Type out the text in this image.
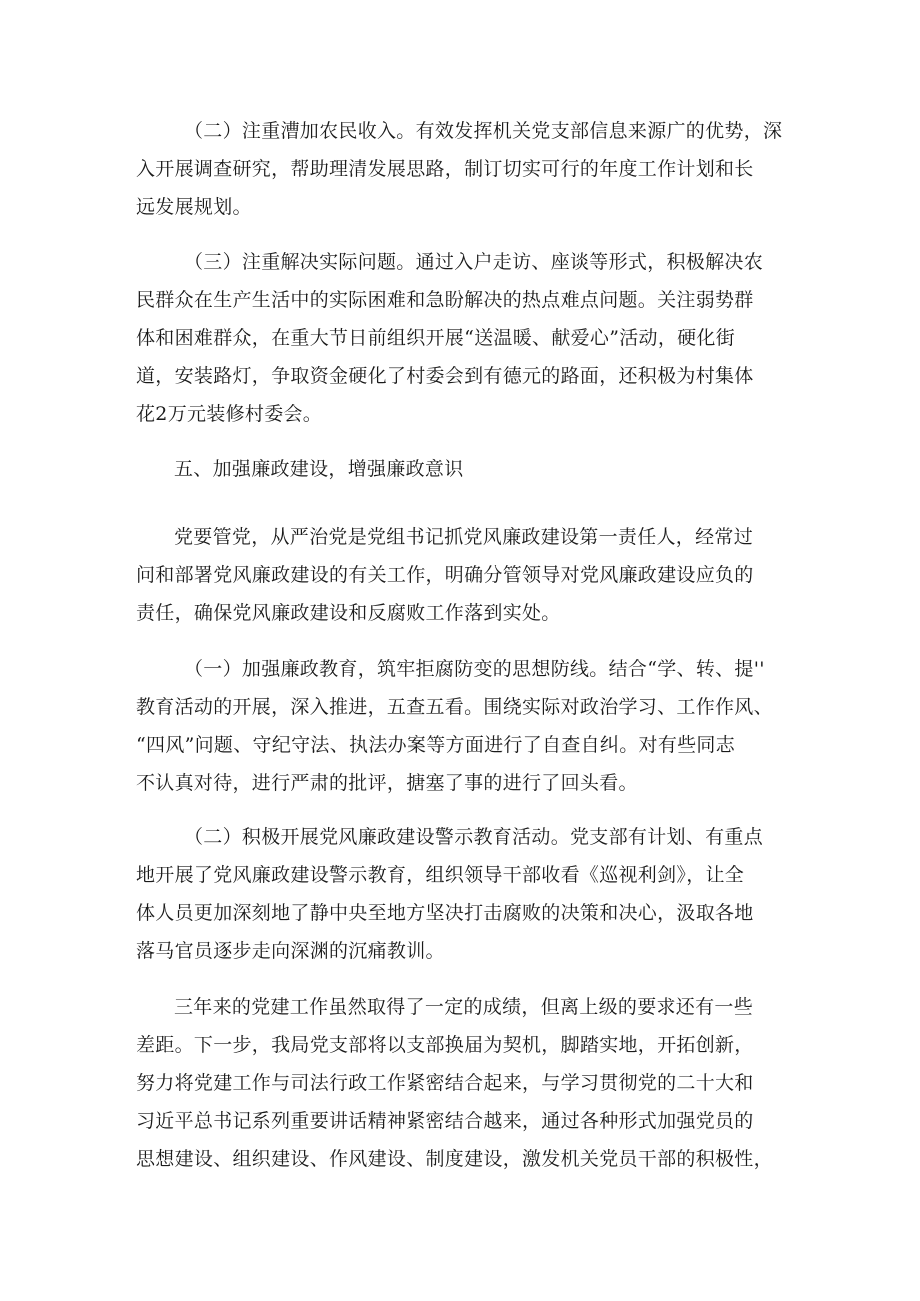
（二）注重漕加农民收入。有效发挥机关党支部信息来源广的优势，深
入开展调查研究，帮助理清发展思路，制订切实可行的年度工作计划和长
远发展规划。
（三）注重解决实际问题。通过入户走访、座谈等形式，积极解决农
民群众在生产生活中的实际困难和急盼解决的热点难点问题。关注弱势群
体和困难群众，在重大节日前组织开展“送温暖、献爱心”活动，硬化街
道，安装路灯，争取资金硬化了村委会到有德元的路面，还积极为村集体
花2万元装修村委会。
五、加强廉政建设，增强廉政意识
党要管党，从严治党是党组书记抓党风廉政建设第一责任人，经常过
问和部署党风廉政建设的有关工作，明确分管领导对党风廉政建设应负的
责任，确保党风廉政建设和反腐败工作落到实处。
（一）加强廉政教育，筑牢拒腐防变的思想防线。结合“学、转、提''
教育活动的开展，深入推进，五查五看。围绕实际对政治学习、工作作风、
“四风”问题、守纪守法、执法办案等方面进行了自查自纠。对有些同志
不认真对待，进行严肃的批评，搪塞了事的进行了回头看。
（二）积极开展党风廉政建设警示教育活动。党支部有计划、有重点
地开展了党风廉政建设警示教育，组织领导干部收看《巡视利剑》，让全
体人员更加深刻地了静中央至地方坚决打击腐败的决策和决心，汲取各地
落马官员逐步走向深渊的沉痛教训。
三年来的党建工作虽然取得了一定的成绩，但离上级的要求还有一些
差距。下一步，我局党支部将以支部换届为契机，脚踏实地，开拓创新，
努力将党建工作与司法行政工作紧密结合起来，与学习贯彻党的二十大和
习近平总书记系列重要讲话精神紧密结合越来，通过各种形式加强党员的
思想建设、组织建设、作风建设、制度建设，激发机关党员干部的积极性，
